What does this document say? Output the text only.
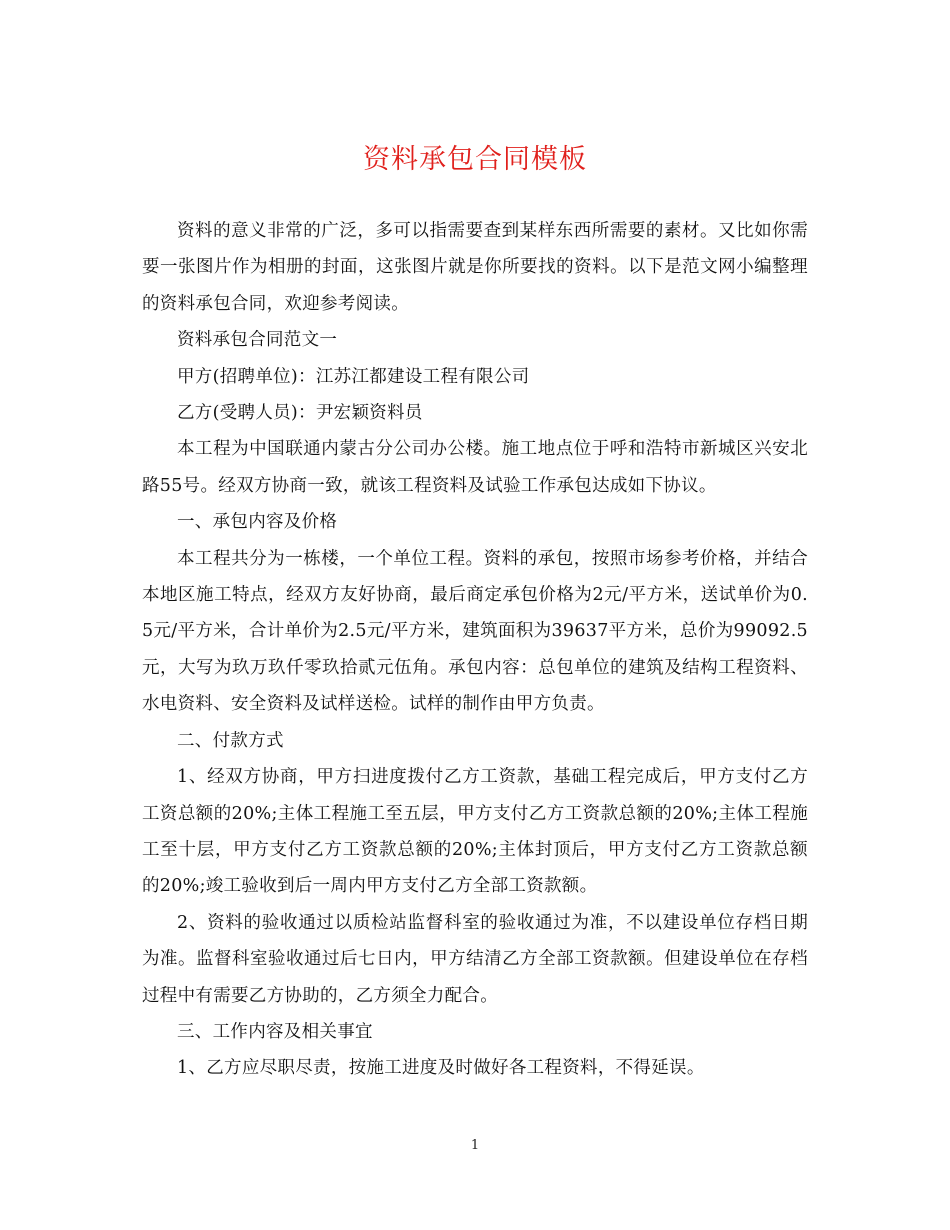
资料承包合同模板

资料的意义非常的广泛，多可以指需要查到某样东西所需要的素材。又比如你需要一张图片作为相册的封面，这张图片就是你所要找的资料。以下是范文网小编整理的资料承包合同，欢迎参考阅读。

资料承包合同范文一

甲方(招聘单位)：江苏江都建设工程有限公司

乙方(受聘人员)：尹宏颖资料员

本工程为中国联通内蒙古分公司办公楼。施工地点位于呼和浩特市新城区兴安北路55号。经双方协商一致，就该工程资料及试验工作承包达成如下协议。

一、承包内容及价格

本工程共分为一栋楼，一个单位工程。资料的承包，按照市场参考价格，并结合本地区施工特点，经双方友好协商，最后商定承包价格为2元/平方米，送试单价为0.5元/平方米，合计单价为2.5元/平方米，建筑面积为39637平方米，总价为99092.5元，大写为玖万玖仟零玖拾贰元伍角。承包内容：总包单位的建筑及结构工程资料、水电资料、安全资料及试样送检。试样的制作由甲方负责。

二、付款方式

1、经双方协商，甲方扫进度拨付乙方工资款，基础工程完成后，甲方支付乙方工资总额的20%;主体工程施工至五层，甲方支付乙方工资款总额的20%;主体工程施工至十层，甲方支付乙方工资款总额的20%;主体封顶后，甲方支付乙方工资款总额的20%;竣工验收到后一周内甲方支付乙方全部工资款额。

2、资料的验收通过以质检站监督科室的验收通过为准，不以建设单位存档日期为准。监督科室验收通过后七日内，甲方结清乙方全部工资款额。但建设单位在存档过程中有需要乙方协助的，乙方须全力配合。

三、工作内容及相关事宜

1、乙方应尽职尽责，按施工进度及时做好各工程资料，不得延误。

1
